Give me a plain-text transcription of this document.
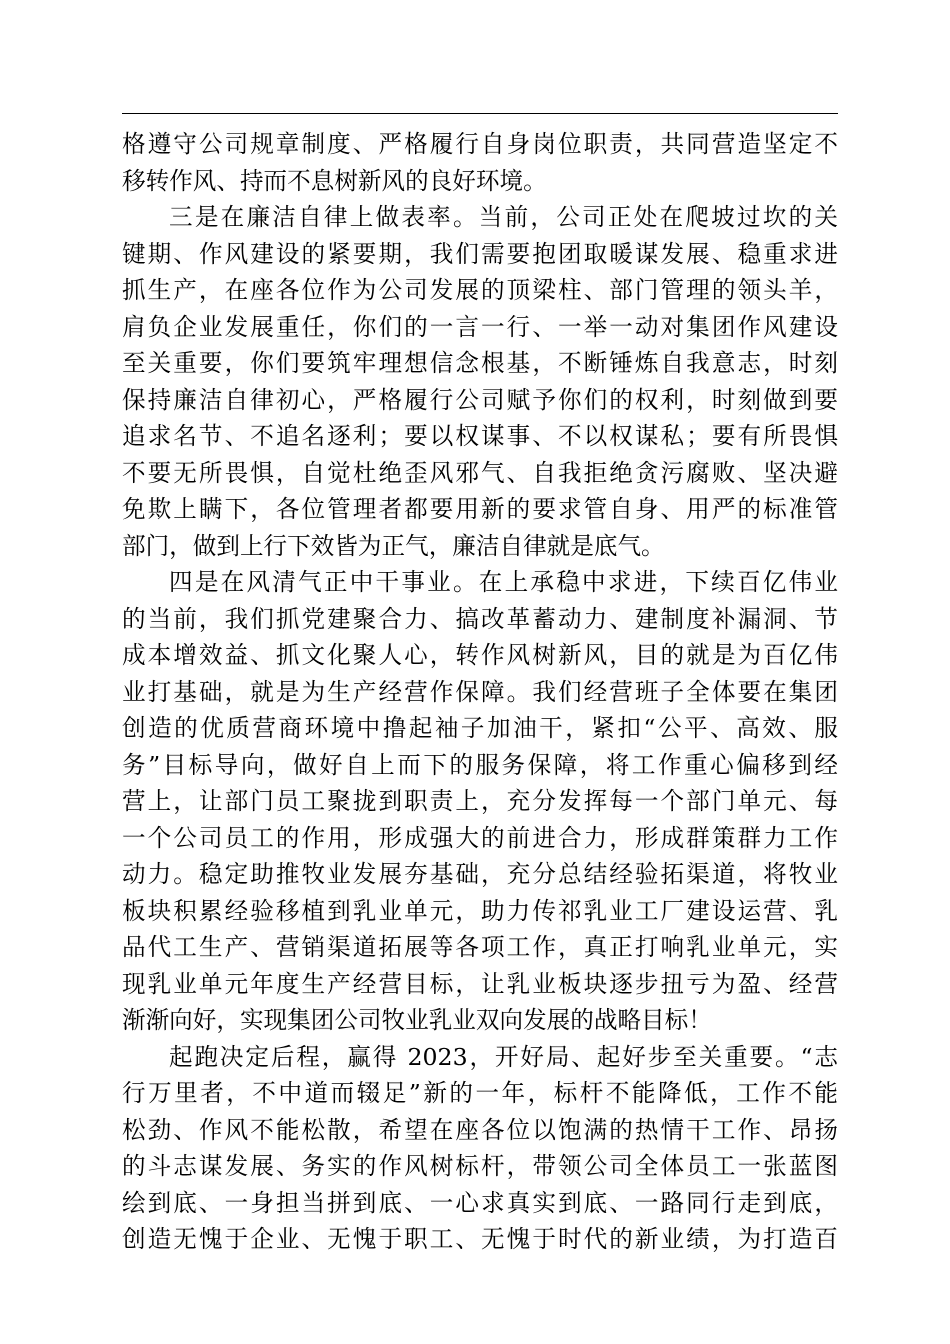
格遵守公司规章制度、严格履行自身岗位职责，共同营造坚定不
移转作风、持而不息树新风的良好环境。
三是在廉洁自律上做表率。当前，公司正处在爬坡过坎的关
键期、作风建设的紧要期，我们需要抱团取暖谋发展、稳重求进
抓生产，在座各位作为公司发展的顶梁柱、部门管理的领头羊，
肩负企业发展重任，你们的一言一行、一举一动对集团作风建设
至关重要，你们要筑牢理想信念根基，不断锤炼自我意志，时刻
保持廉洁自律初心，严格履行公司赋予你们的权利，时刻做到要
追求名节、不追名逐利；要以权谋事、不以权谋私；要有所畏惧
不要无所畏惧，自觉杜绝歪风邪气、自我拒绝贪污腐败、坚决避
免欺上瞒下，各位管理者都要用新的要求管自身、用严的标准管
部门，做到上行下效皆为正气，廉洁自律就是底气。
四是在风清气正中干事业。在上承稳中求进，下续百亿伟业
的当前，我们抓党建聚合力、搞改革蓄动力、建制度补漏洞、节
成本增效益、抓文化聚人心，转作风树新风，目的就是为百亿伟
业打基础，就是为生产经营作保障。我们经营班子全体要在集团
创造的优质营商环境中撸起袖子加油干，紧扣“公平、高效、服
务”目标导向，做好自上而下的服务保障，将工作重心偏移到经
营上，让部门员工聚拢到职责上，充分发挥每一个部门单元、每
一个公司员工的作用，形成强大的前进合力，形成群策群力工作
动力。稳定助推牧业发展夯基础，充分总结经验拓渠道，将牧业
板块积累经验移植到乳业单元，助力传祁乳业工厂建设运营、乳
品代工生产、营销渠道拓展等各项工作，真正打响乳业单元，实
现乳业单元年度生产经营目标，让乳业板块逐步扭亏为盈、经营
渐渐向好，实现集团公司牧业乳业双向发展的战略目标！
起跑决定后程，赢得 2023，开好局、起好步至关重要。“志
行万里者，不中道而辍足”新的一年，标杆不能降低，工作不能
松劲、作风不能松散，希望在座各位以饱满的热情干工作、昂扬
的斗志谋发展、务实的作风树标杆，带领公司全体员工一张蓝图
绘到底、一身担当拼到底、一心求真实到底、一路同行走到底，
创造无愧于企业、无愧于职工、无愧于时代的新业绩，为打造百
